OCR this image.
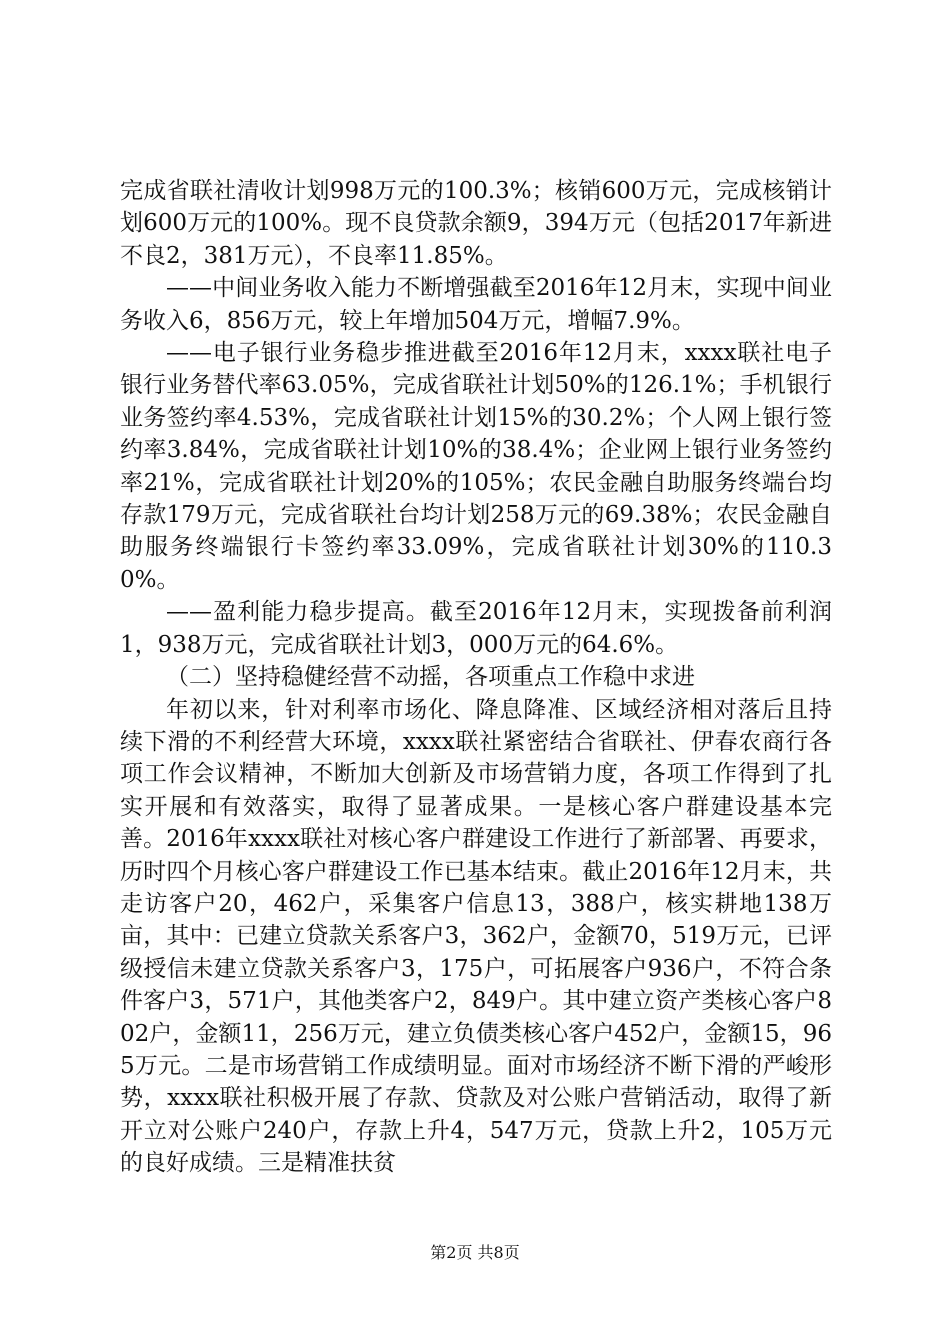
完成省联社清收计划998万元的100.3%；核销600万元，完成核销计划600万元的100%。现不良贷款余额9，394万元（包括2017年新进不良2，381万元），不良率11.85%。

——中间业务收入能力不断增强截至2016年12月末，实现中间业务收入6，856万元，较上年增加504万元，增幅7.9%。

——电子银行业务稳步推进截至2016年12月末，xxxx联社电子银行业务替代率63.05%，完成省联社计划50%的126.1%；手机银行业务签约率4.53%，完成省联社计划15%的30.2%；个人网上银行签约率3.84%，完成省联社计划10%的38.4%；企业网上银行业务签约率21%，完成省联社计划20%的105%；农民金融自助服务终端台均存款179万元，完成省联社台均计划258万元的69.38%；农民金融自助服务终端银行卡签约率33.09%，完成省联社计划30%的110.30%。

——盈利能力稳步提高。截至2016年12月末，实现拨备前利润1，938万元，完成省联社计划3，000万元的64.6%。

（二）坚持稳健经营不动摇，各项重点工作稳中求进

年初以来，针对利率市场化、降息降准、区域经济相对落后且持续下滑的不利经营大环境，xxxx联社紧密结合省联社、伊春农商行各项工作会议精神，不断加大创新及市场营销力度，各项工作得到了扎实开展和有效落实，取得了显著成果。一是核心客户群建设基本完善。2016年xxxx联社对核心客户群建设工作进行了新部署、再要求，历时四个月核心客户群建设工作已基本结束。截止2016年12月末，共走访客户20，462户，采集客户信息13，388户，核实耕地138万亩，其中：已建立贷款关系客户3，362户，金额70，519万元，已评级授信未建立贷款关系客户3，175户，可拓展客户936户，不符合条件客户3，571户，其他类客户2，849户。其中建立资产类核心客户802户，金额11，256万元，建立负债类核心客户452户，金额15，965万元。二是市场营销工作成绩明显。面对市场经济不断下滑的严峻形势，xxxx联社积极开展了存款、贷款及对公账户营销活动，取得了新开立对公账户240户，存款上升4，547万元，贷款上升2，105万元的良好成绩。三是精准扶贫

第2页 共8页
